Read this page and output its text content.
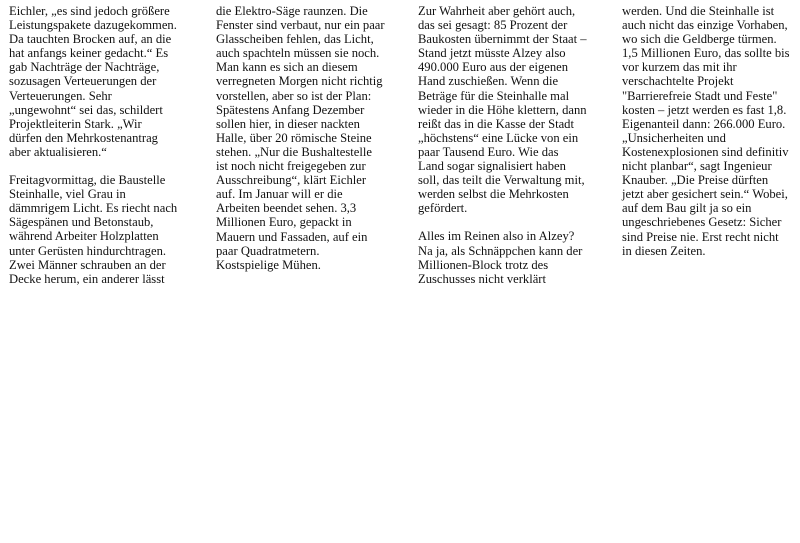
Eichler, „es sind jedoch größere
Leistungspakete dazugekommen.
Da tauchten Brocken auf, an die
hat anfangs keiner gedacht.“ Es
gab Nachträge der Nachträge,
sozusagen Verteuerungen der
Verteuerungen. Sehr
„ungewohnt“ sei das, schildert
Projektleiterin Stark. „Wir
dürfen den Mehrkostenantrag
aber aktualisieren.“

Freitagvormittag, die Baustelle
Steinhalle, viel Grau in
dämmrigem Licht. Es riecht nach
Sägespänen und Betonstaub,
während Arbeiter Holzplatten
unter Gerüsten hindurchtragen.
Zwei Männer schrauben an der
Decke herum, ein anderer lässt

die Elektro-Säge raunzen. Die
Fenster sind verbaut, nur ein paar
Glasscheiben fehlen, das Licht,
auch spachteln müssen sie noch.
Man kann es sich an diesem
verregneten Morgen nicht richtig
vorstellen, aber so ist der Plan:
Spätestens Anfang Dezember
sollen hier, in dieser nackten
Halle, über 20 römische Steine
stehen. „Nur die Bushaltestelle
ist noch nicht freigegeben zur
Ausschreibung“, klärt Eichler
auf. Im Januar will er die
Arbeiten beendet sehen. 3,3
Millionen Euro, gepackt in
Mauern und Fassaden, auf ein
paar Quadratmetern.
Kostspielige Mühen.

Zur Wahrheit aber gehört auch,
das sei gesagt: 85 Prozent der
Baukosten übernimmt der Staat –
Stand jetzt müsste Alzey also
490.000 Euro aus der eigenen
Hand zuschießen. Wenn die
Beträge für die Steinhalle mal
wieder in die Höhe klettern, dann
reißt das in die Kasse der Stadt
„höchstens“ eine Lücke von ein
paar Tausend Euro. Wie das
Land sogar signalisiert haben
soll, das teilt die Verwaltung mit,
werden selbst die Mehrkosten
gefördert.

Alles im Reinen also in Alzey?
Na ja, als Schnäppchen kann der
Millionen-Block trotz des
Zuschusses nicht verklärt

werden. Und die Steinhalle ist
auch nicht das einzige Vorhaben,
wo sich die Geldberge türmen.
1,5 Millionen Euro, das sollte bis
vor kurzem das mit ihr
verschachtelte Projekt
"Barrierefreie Stadt und Feste"
kosten – jetzt werden es fast 1,8.
Eigenanteil dann: 266.000 Euro.
„Unsicherheiten und
Kostenexplosionen sind definitiv
nicht planbar“, sagt Ingenieur
Knauber. „Die Preise dürften
jetzt aber gesichert sein.“ Wobei,
auf dem Bau gilt ja so ein
ungeschriebenes Gesetz: Sicher
sind Preise nie. Erst recht nicht
in diesen Zeiten.
